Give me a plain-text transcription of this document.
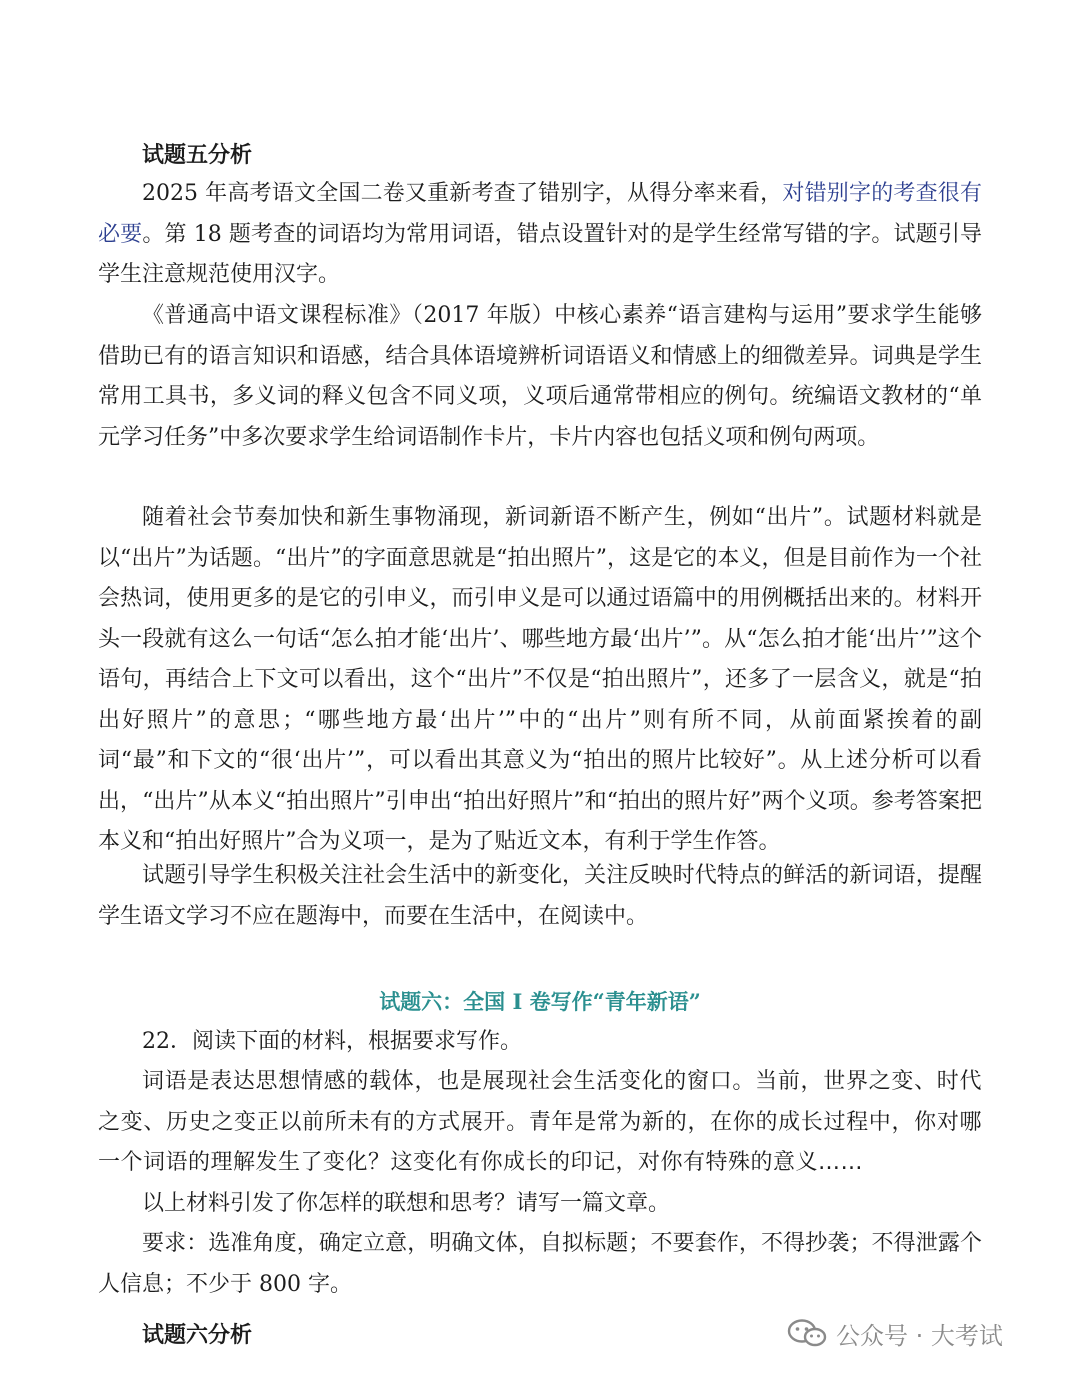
试题五分析

2025 年高考语文全国二卷又重新考查了错别字，从得分率来看，对错别字的考查很有必要。第 18 题考查的词语均为常用词语，错点设置针对的是学生经常写错的字。试题引导学生注意规范使用汉字。

《普通高中语文课程标准》（2017 年版）中核心素养“语言建构与运用”要求学生能够借助已有的语言知识和语感，结合具体语境辨析词语语义和情感上的细微差异。词典是学生常用工具书，多义词的释义包含不同义项，义项后通常带相应的例句。统编语文教材的“单元学习任务”中多次要求学生给词语制作卡片，卡片内容也包括义项和例句两项。

随着社会节奏加快和新生事物涌现，新词新语不断产生，例如“出片”。试题材料就是以“出片”为话题。“出片”的字面意思就是“拍出照片”，这是它的本义，但是目前作为一个社会热词，使用更多的是它的引申义，而引申义是可以通过语篇中的用例概括出来的。材料开头一段就有这么一句话“怎么拍才能‘出片’、哪些地方最‘出片’”。从“怎么拍才能‘出片’”这个语句，再结合上下文可以看出，这个“出片”不仅是“拍出照片”，还多了一层含义，就是“拍出好照片”的意思；“哪些地方最‘出片’”中的“出片”则有所不同，从前面紧挨着的副词“最”和下文的“很‘出片’”，可以看出其意义为“拍出的照片比较好”。从上述分析可以看出，“出片”从本义“拍出照片”引申出“拍出好照片”和“拍出的照片好”两个义项。参考答案把本义和“拍出好照片”合为义项一，是为了贴近文本，有利于学生作答。

试题引导学生积极关注社会生活中的新变化，关注反映时代特点的鲜活的新词语，提醒学生语文学习不应在题海中，而要在生活中，在阅读中。

试题六：全国 I 卷写作“青年新语”

22．阅读下面的材料，根据要求写作。

词语是表达思想情感的载体，也是展现社会生活变化的窗口。当前，世界之变、时代之变、历史之变正以前所未有的方式展开。青年是常为新的，在你的成长过程中，你对哪一个词语的理解发生了变化？这变化有你成长的印记，对你有特殊的意义……

以上材料引发了你怎样的联想和思考？请写一篇文章。

要求：选准角度，确定立意，明确文体，自拟标题；不要套作，不得抄袭；不得泄露个人信息；不少于 800 字。

试题六分析	公众号 · 大考试
